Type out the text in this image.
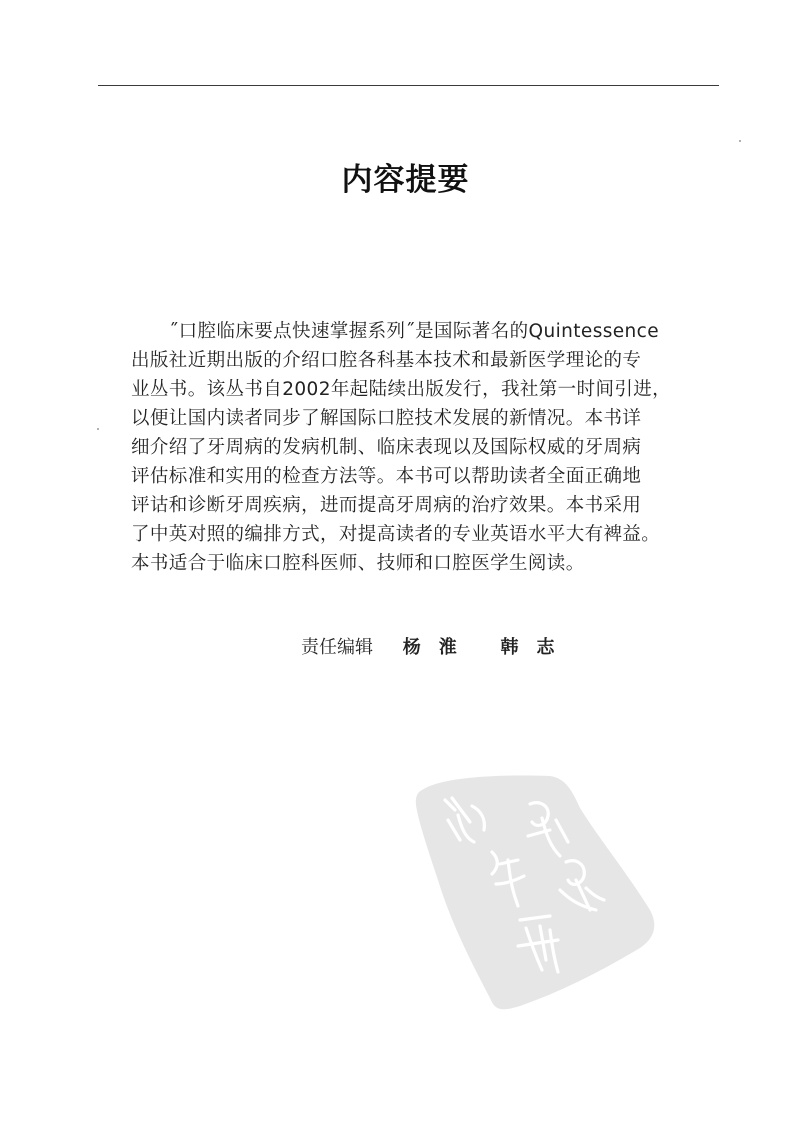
内容提要
˝口腔临床要点快速掌握系列˝是国际著名的Quintessence
出版社近期出版的介绍口腔各科基本技术和最新医学理论的专
业丛书。该丛书自2002年起陆续出版发行，我社第一时间引进，
以便让国内读者同步了解国际口腔技术发展的新情况。本书详
细介绍了牙周病的发病机制、临床表现以及国际权威的牙周病
评估标准和实用的检查方法等。本书可以帮助读者全面正确地
评诂和诊断牙周疾病，进而提高牙周病的治疗效果。本书采用
了中英对照的编排方式，对提高读者的专业英语水平大有裨益。
本书适合于临床口腔科医师、技师和口腔医学生阅读。
责任编辑 杨淮 韩志
